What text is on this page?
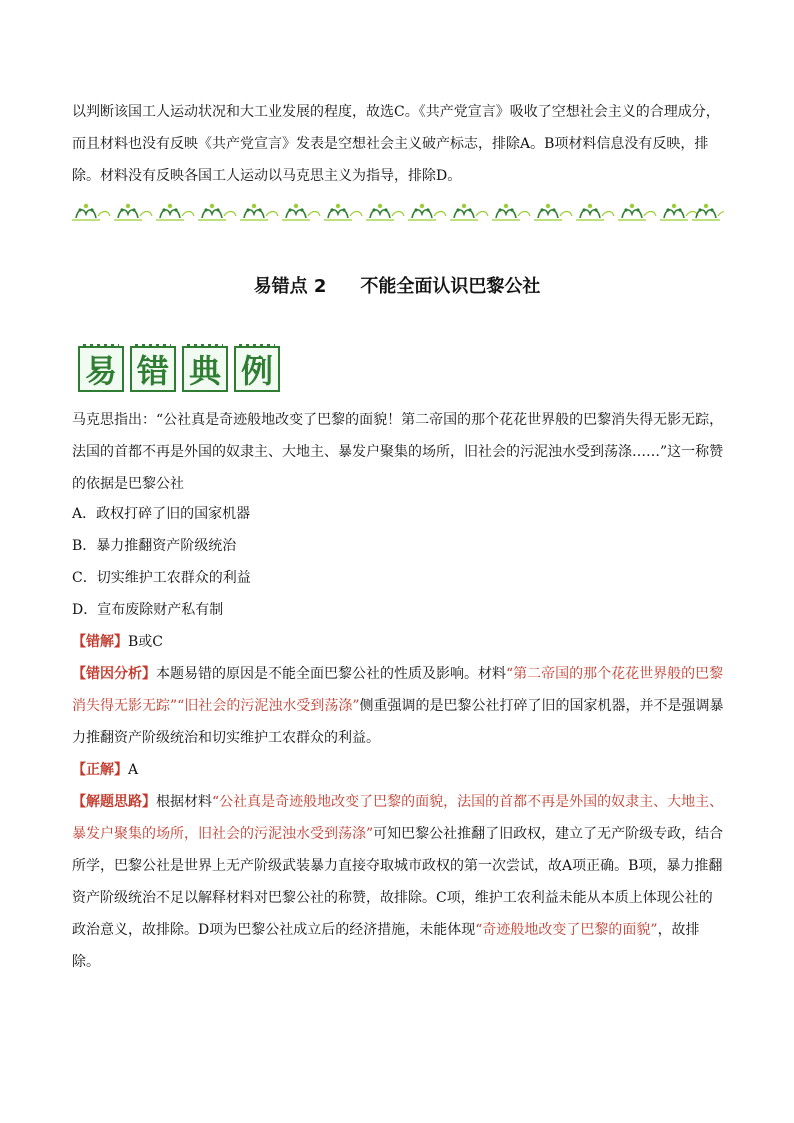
以判断该国工人运动状况和大工业发展的程度，故选C。《共产党宣言》吸收了空想社会主义的合理成分，而且材料也没有反映《共产党宣言》发表是空想社会主义破产标志，排除A。B项材料信息没有反映，排除。材料没有反映各国工人运动以马克思主义为指导，排除D。

易错点 2 不能全面认识巴黎公社
易 错 典 例

马克思指出：“公社真是奇迹般地改变了巴黎的面貌！第二帝国的那个花花世界般的巴黎消失得无影无踪，法国的首都不再是外国的奴隶主、大地主、暴发户聚集的场所，旧社会的污泥浊水受到荡涤……”这一称赞的依据是巴黎公社

A．政权打碎了旧的国家机器

B．暴力推翻资产阶级统治

C．切实维护工农群众的利益

D．宣布废除财产私有制

【错解】B或C

【错因分析】本题易错的原因是不能全面巴黎公社的性质及影响。材料“第二帝国的那个花花世界般的巴黎消失得无影无踪”“旧社会的污泥浊水受到荡涤”侧重强调的是巴黎公社打碎了旧的国家机器，并不是强调暴力推翻资产阶级统治和切实维护工农群众的利益。

【正解】A

【解题思路】根据材料“公社真是奇迹般地改变了巴黎的面貌，法国的首都不再是外国的奴隶主、大地主、暴发户聚集的场所，旧社会的污泥浊水受到荡涤”可知巴黎公社推翻了旧政权，建立了无产阶级专政，结合所学，巴黎公社是世界上无产阶级武装暴力直接夺取城市政权的第一次尝试，故A项正确。B项，暴力推翻资产阶级统治不足以解释材料对巴黎公社的称赞，故排除。C项，维护工农利益未能从本质上体现公社的政治意义，故排除。D项为巴黎公社成立后的经济措施，未能体现“奇迹般地改变了巴黎的面貌”，故排除。
